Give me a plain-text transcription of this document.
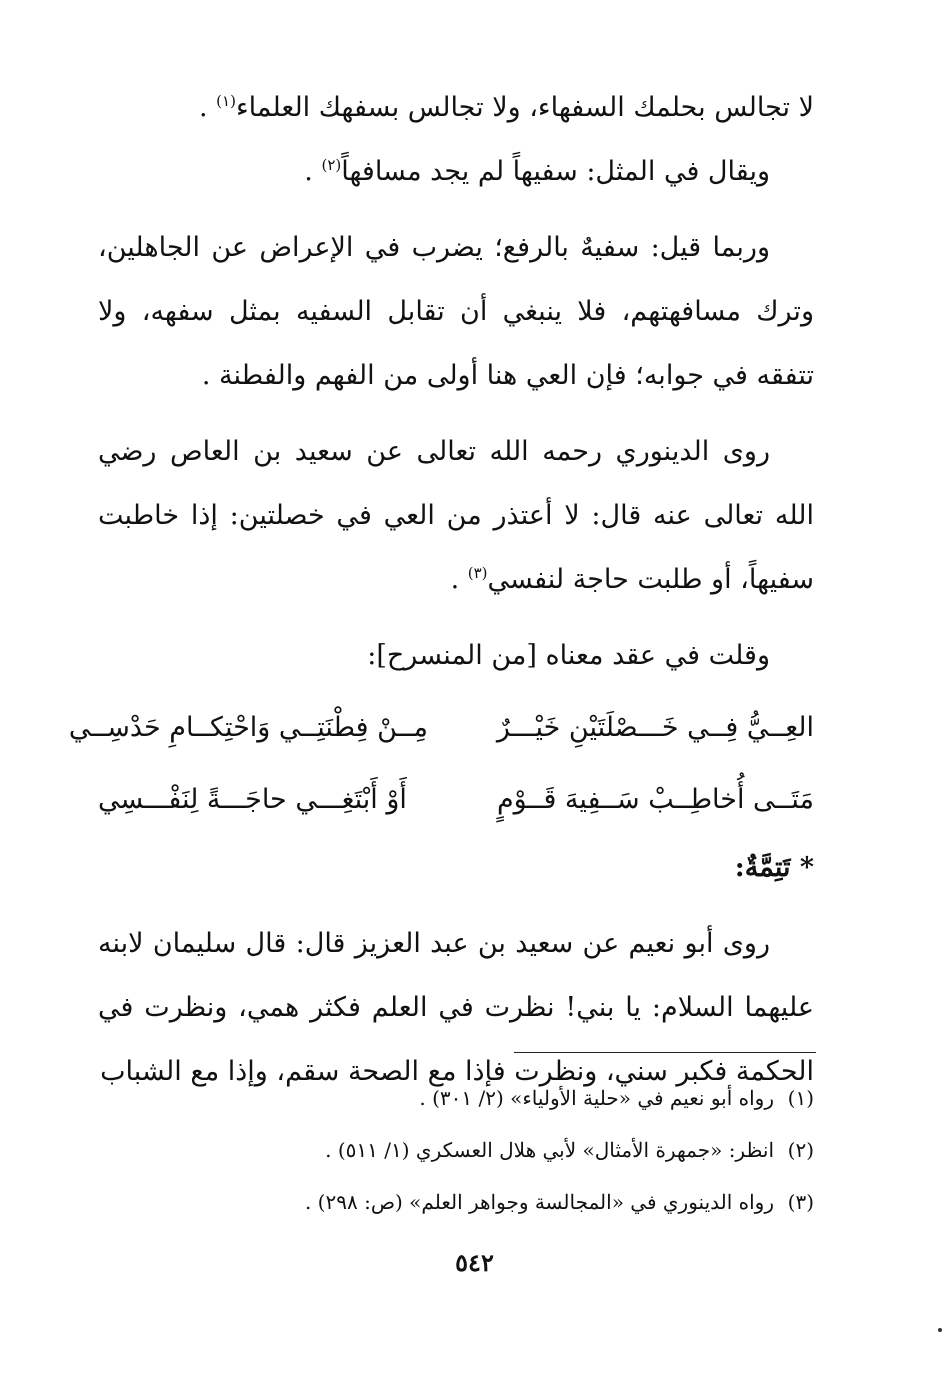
لا تجالس بحلمك السفهاء، ولا تجالس بسفهك العلماء$^{(١)}$ .

ويقال في المثل: سفيهاً لم يجد مسافهاً$^{(٢)}$ .

وربما قيل: سفيهٌ بالرفع؛ يضرب في الإعراض عن الجاهلين، وترك مسافهتهم، فلا ينبغي أن تقابل السفيه بمثل سفهه، ولا تتفقه في جوابه؛ فإن العي هنا أولى من الفهم والفطنة .

روى الدينوري رحمه الله تعالى عن سعيد بن العاص رضي الله تعالى عنه قال: لا أعتذر من العي في خصلتين: إذا خاطبت سفيهاً، أو طلبت حاجة لنفسي$^{(٣)}$ .

وقلت في عقد معناه [من المنسرح]:

العِــيُّ فِــي خَـــصْلَتَيْنِ خَيْـــرٌ
مِــنْ فِطْنَتِــي وَاحْتِكــامِ حَدْسِــي
مَتَــى أُخاطِــبْ سَــفِيهَ قَــوْمٍ
أَوْ أَبْتَغِـــي حاجَـــةً لِنَفْـــسِي

* تَتِمَّةٌ:

روى أبو نعيم عن سعيد بن عبد العزيز قال: قال سليمان لابنه عليهما السلام: يا بني! نظرت في العلم فكثر همي، ونظرت في الحكمة فكبر سني، ونظرت فإذا مع الصحة سقم، وإذا مع الشباب

(١)رواه أبو نعيم في «حلية الأولياء» (٢/ ٣٠١) .

(٢)انظر: «جمهرة الأمثال» لأبي هلال العسكري (١/ ٥١١) .

(٣)رواه الدينوري في «المجالسة وجواهر العلم» (ص: ٢٩٨) .

٥٤٢
